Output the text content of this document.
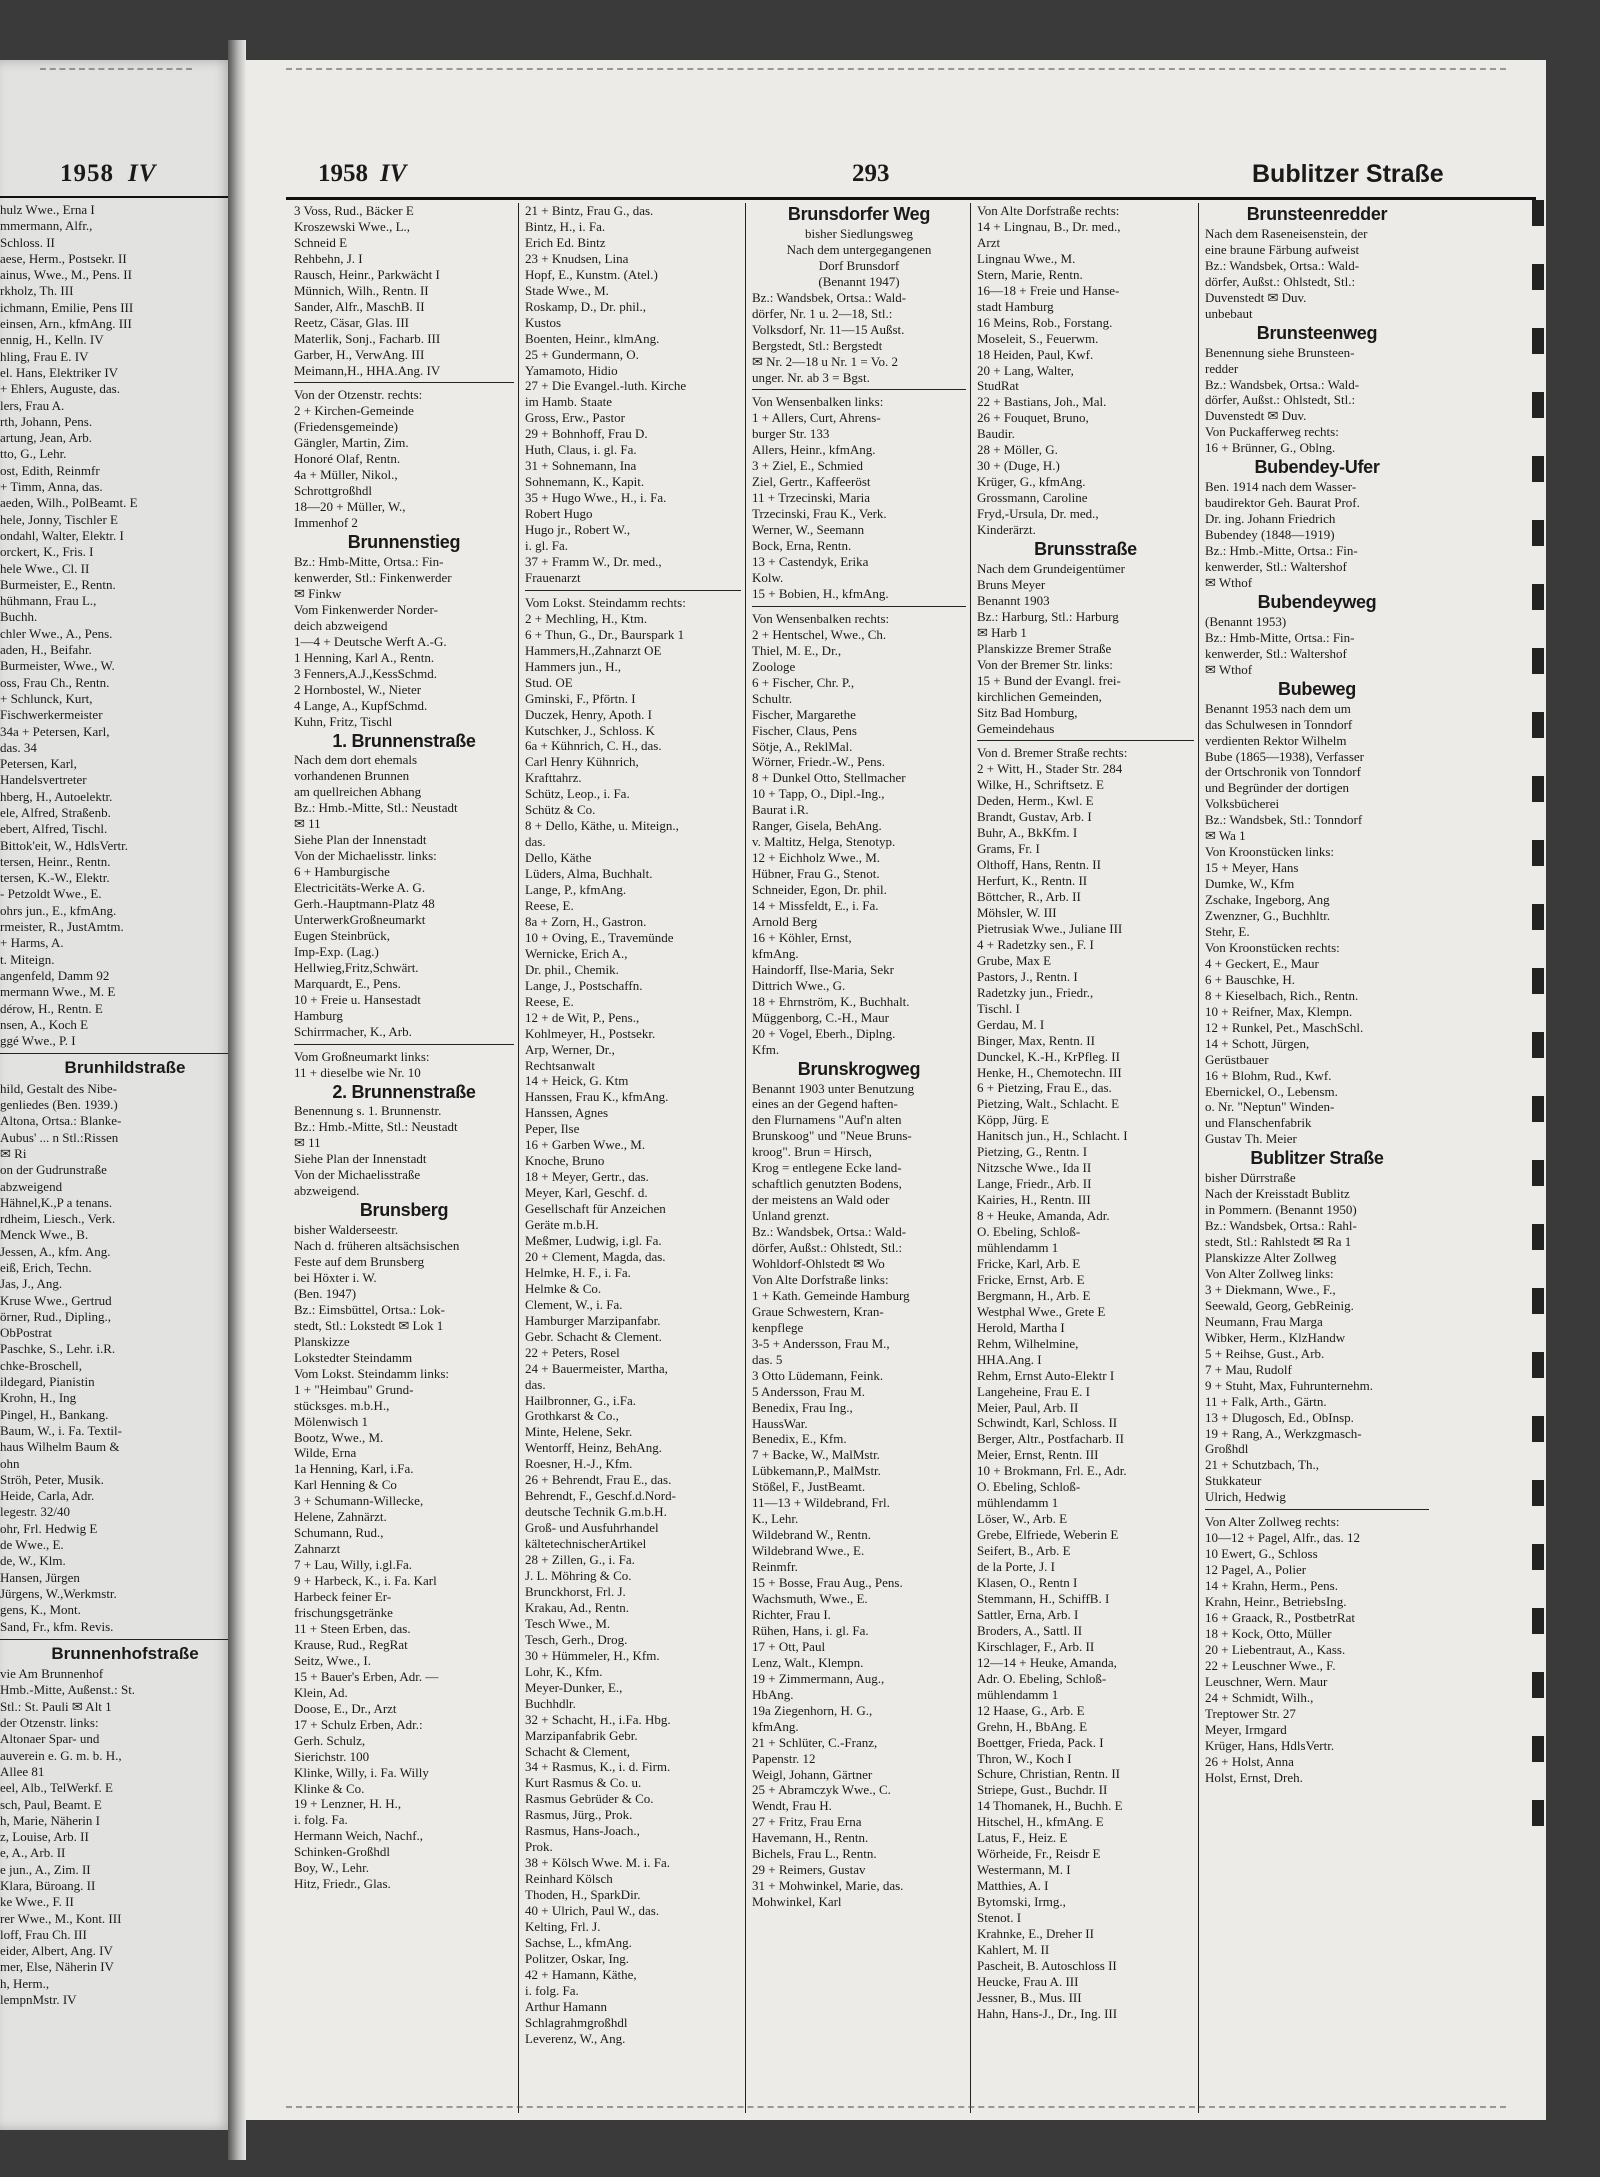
1958 IV
hulz Wwe., Erna I
mmermann, Alfr.,
Schloss. II
aese, Herm., Postsekr. II
ainus, Wwe., M., Pens. II
rkholz, Th. III
ichmann, Emilie, Pens III
einsen, Arn., kfmAng. III
ennig, H., Kelln. IV
hling, Frau E. IV
el. Hans, Elektriker IV
+ Ehlers, Auguste, das.
lers, Frau A.
rth, Johann, Pens.
artung, Jean, Arb.
tto, G., Lehr.
ost, Edith, Reinmfr
+ Timm, Anna, das.
aeden, Wilh., PolBeamt. E
hele, Jonny, Tischler E
ondahl, Walter, Elektr. I
orckert, K., Fris. I
hele Wwe., Cl. II
Burmeister, E., Rentn.
hühmann, Frau L.,
Buchh.
chler Wwe., A., Pens.
aden, H., Beifahr.
Burmeister, Wwe., W.
oss, Frau Ch., Rentn.
+ Schlunck, Kurt,
Fischwerkermeister
34a + Petersen, Karl,
das. 34
Petersen, Karl,
Handelsvertreter
hberg, H., Autoelektr.
ele, Alfred, Straßenb.
ebert, Alfred, Tischl.
Bittok'eit, W., HdlsVertr.
tersen, Heinr., Rentn.
tersen, K.-W., Elektr.
- Petzoldt Wwe., E.
ohrs jun., E., kfmAng.
rmeister, R., JustAmtm.
+ Harms, A.
t. Miteign.
angenfeld, Damm 92
mermann Wwe., M. E
dérow, H., Rentn. E
nsen, A., Koch E
ggé Wwe., P. I
Brunhildstraße
hild, Gestalt des Nibe-
genliedes (Ben. 1939.)
Altona, Ortsa.: Blanke-
Aubus' ... n Stl.:Rissen
✉ Ri
on der Gudrunstraße
abzweigend
Hähnel,K.,P a tenans.
rdheim, Liesch., Verk.
Menck Wwe., B.
Jessen, A., kfm. Ang.
eiß, Erich, Techn.
Jas, J., Ang.
Kruse Wwe., Gertrud
örner, Rud., Dipling.,
ObPostrat
Paschke, S., Lehr. i.R.
chke-Broschell,
ildegard, Pianistin
Krohn, H., Ing
Pingel, H., Bankang.
Baum, W., i. Fa. Textil-
haus Wilhelm Baum &
ohn
Ströh, Peter, Musik.
Heide, Carla, Adr.
legestr. 32/40
ohr, Frl. Hedwig E
de Wwe., E.
de, W., Klm.
Hansen, Jürgen
Jürgens, W.,Werkmstr.
gens, K., Mont.
Sand, Fr., kfm. Revis.
Brunnenhofstraße
vie Am Brunnenhof
Hmb.-Mitte, Außenst.: St.
Stl.: St. Pauli ✉ Alt 1
der Otzenstr. links:
Altonaer Spar- und
auverein e. G. m. b. H.,
Allee 81
eel, Alb., TelWerkf. E
sch, Paul, Beamt. E
h, Marie, Näherin I
z, Louise, Arb. II
e, A., Arb. II
e jun., A., Zim. II
Klara, Büroang. II
ke Wwe., F. II
rer Wwe., M., Kont. III
loff, Frau Ch. III
eider, Albert, Ang. IV
mer, Else, Näherin IV
h, Herm.,
lempnMstr. IV
1958 IV	293	Bublitzer Straße
3 Voss, Rud., Bäcker E
Kroszewski Wwe., L.,
Schneid E
Rehbehn, J. I
Rausch, Heinr., Parkwächt I
Münnich, Wilh., Rentn. II
Sander, Alfr., MaschB. II
Reetz, Cäsar, Glas. III
Materlik, Sonj., Facharb. III
Garber, H., VerwAng. III
Meimann,H., HHA.Ang. IV
Von der Otzenstr. rechts:
2 + Kirchen-Gemeinde
(Friedensgemeinde)
Gängler, Martin, Zim.
Honoré Olaf, Rentn.
4a + Müller, Nikol.,
Schrottgroßhdl
18—20 + Müller, W.,
Immenhof 2
Brunnenstieg
Bz.: Hmb-Mitte, Ortsa.: Fin-
kenwerder, Stl.: Finkenwerder
✉ Finkw
Vom Finkenwerder Norder-
deich abzweigend
1—4 + Deutsche Werft A.-G.
1 Henning, Karl A., Rentn.
3 Fenners,A.J.,KessSchmd.
2 Hornbostel, W., Nieter
4 Lange, A., KupfSchmd.
Kuhn, Fritz, Tischl
1. Brunnenstraße
Nach dem dort ehemals
vorhandenen Brunnen
am quellreichen Abhang
Bz.: Hmb.-Mitte, Stl.: Neustadt
✉ 11
Siehe Plan der Innenstadt
Von der Michaelisstr. links:
6 + Hamburgische
Electricitäts-Werke A. G.
Gerh.-Hauptmann-Platz 48
UnterwerkGroßneumarkt
Eugen Steinbrück,
Imp-Exp. (Lag.)
Hellwieg,Fritz,Schwärt.
Marquardt, E., Pens.
10 + Freie u. Hansestadt
Hamburg
Schirrmacher, K., Arb.
Vom Großneumarkt links:
11 + dieselbe wie Nr. 10
2. Brunnenstraße
Benennung s. 1. Brunnenstr.
Bz.: Hmb.-Mitte, Stl.: Neustadt
✉ 11
Siehe Plan der Innenstadt
Von der Michaelisstraße
abzweigend.
Brunsberg
bisher Walderseestr.
Nach d. früheren altsächsischen
Feste auf dem Brunsberg
bei Höxter i. W.
(Ben. 1947)
Bz.: Eimsbüttel, Ortsa.: Lok-
stedt, Stl.: Lokstedt ✉ Lok 1
Planskizze
Lokstedter Steindamm
Vom Lokst. Steindamm links:
1 + "Heimbau" Grund-
stücksges. m.b.H.,
Mölenwisch 1
Bootz, Wwe., M.
Wilde, Erna
1a Henning, Karl, i.Fa.
Karl Henning & Co
3 + Schumann-Willecke,
Helene, Zahnärzt.
Schumann, Rud.,
Zahnarzt
7 + Lau, Willy, i.gl.Fa.
9 + Harbeck, K., i. Fa. Karl
Harbeck feiner Er-
frischungsgetränke
11 + Steen Erben, das.
Krause, Rud., RegRat
Seitz, Wwe., I.
15 + Bauer's Erben, Adr. —
Klein, Ad.
Doose, E., Dr., Arzt
17 + Schulz Erben, Adr.:
Gerh. Schulz,
Sierichstr. 100
Klinke, Willy, i. Fa. Willy
Klinke & Co.
19 + Lenzner, H. H.,
i. folg. Fa.
Hermann Weich, Nachf.,
Schinken-Großhdl
Boy, W., Lehr.
Hitz, Friedr., Glas.
21 + Bintz, Frau G., das.
Bintz, H., i. Fa.
Erich Ed. Bintz
23 + Knudsen, Lina
Hopf, E., Kunstm. (Atel.)
Stade Wwe., M.
Roskamp, D., Dr. phil.,
Kustos
Boenten, Heinr., klmAng.
25 + Gundermann, O.
Yamamoto, Hidio
27 + Die Evangel.-luth. Kirche
im Hamb. Staate
Gross, Erw., Pastor
29 + Bohnhoff, Frau D.
Huth, Claus, i. gl. Fa.
31 + Sohnemann, Ina
Sohnemann, K., Kapit.
35 + Hugo Wwe., H., i. Fa.
Robert Hugo
Hugo jr., Robert W.,
i. gl. Fa.
37 + Framm W., Dr. med.,
Frauenarzt
Vom Lokst. Steindamm rechts:
2 + Mechling, H., Ktm.
6 + Thun, G., Dr., Baurspark 1
Hammers,H.,Zahnarzt OE
Hammers jun., H.,
Stud. OE
Gminski, F., Pförtn. I
Duczek, Henry, Apoth. I
Kutschker, J., Schloss. K
6a + Kühnrich, C. H., das.
Carl Henry Kühnrich,
Krafttahrz.
Schütz, Leop., i. Fa.
Schütz & Co.
8 + Dello, Käthe, u. Miteign.,
das.
Dello, Käthe
Lüders, Alma, Buchhalt.
Lange, P., kfmAng.
Reese, E.
8a + Zorn, H., Gastron.
10 + Oving, E., Travemünde
Wernicke, Erich A.,
Dr. phil., Chemik.
Lange, J., Postschaffn.
Reese, E.
12 + de Wit, P., Pens.,
Kohlmeyer, H., Postsekr.
Arp, Werner, Dr.,
Rechtsanwalt
14 + Heick, G. Ktm
Hanssen, Frau K., kfmAng.
Hanssen, Agnes
Peper, Ilse
16 + Garben Wwe., M.
Knoche, Bruno
18 + Meyer, Gertr., das.
Meyer, Karl, Geschf. d.
Gesellschaft für Anzeichen
Geräte m.b.H.
Meßmer, Ludwig, i.gl. Fa.
20 + Clement, Magda, das.
Helmke, H. F., i. Fa.
Helmke & Co.
Clement, W., i. Fa.
Hamburger Marzipanfabr.
Gebr. Schacht & Clement.
22 + Peters, Rosel
24 + Bauermeister, Martha,
das.
Hailbronner, G., i.Fa.
Grothkarst & Co.,
Minte, Helene, Sekr.
Wentorff, Heinz, BehAng.
Roesner, H.-J., Kfm.
26 + Behrendt, Frau E., das.
Behrendt, F., Geschf.d.Nord-
deutsche Technik G.m.b.H.
Groß- und Ausfuhrhandel
kältetechnischerArtikel
28 + Zillen, G., i. Fa.
J. L. Möhring & Co.
Brunckhorst, Frl. J.
Krakau, Ad., Rentn.
Tesch Wwe., M.
Tesch, Gerh., Drog.
30 + Hümmeler, H., Kfm.
Lohr, K., Kfm.
Meyer-Dunker, E.,
Buchhdlr.
32 + Schacht, H., i.Fa. Hbg.
Marzipanfabrik Gebr.
Schacht & Clement,
34 + Rasmus, K., i. d. Firm.
Kurt Rasmus & Co. u.
Rasmus Gebrüder & Co.
Rasmus, Jürg., Prok.
Rasmus, Hans-Joach.,
Prok.
38 + Kölsch Wwe. M. i. Fa.
Reinhard Kölsch
Thoden, H., SparkDir.
40 + Ulrich, Paul W., das.
Kelting, Frl. J.
Sachse, L., kfmAng.
Politzer, Oskar, Ing.
42 + Hamann, Käthe,
i. folg. Fa.
Arthur Hamann
Schlagrahmgroßhdl
Leverenz, W., Ang.
Brunsdorfer Weg
bisher Siedlungsweg
Nach dem untergegangenen
Dorf Brunsdorf
(Benannt 1947)
Bz.: Wandsbek, Ortsa.: Wald-
dörfer, Nr. 1 u. 2—18, Stl.:
Volksdorf, Nr. 11—15 Außst.
Bergstedt, Stl.: Bergstedt
✉ Nr. 2—18 u Nr. 1 = Vo. 2
unger. Nr. ab 3 = Bgst.
Von Wensenbalken links:
1 + Allers, Curt, Ahrens-
burger Str. 133
Allers, Heinr., kfmAng.
3 + Ziel, E., Schmied
Ziel, Gertr., Kaffeeröst
11 + Trzecinski, Maria
Trzecinski, Frau K., Verk.
Werner, W., Seemann
Bock, Erna, Rentn.
13 + Castendyk, Erika
Kolw.
15 + Bobien, H., kfmAng.
Von Wensenbalken rechts:
2 + Hentschel, Wwe., Ch.
Thiel, M. E., Dr.,
Zoologe
6 + Fischer, Chr. P.,
Schultr.
Fischer, Margarethe
Fischer, Claus, Pens
Sötje, A., ReklMal.
Wörner, Friedr.-W., Pens.
8 + Dunkel Otto, Stellmacher
10 + Tapp, O., Dipl.-Ing.,
Baurat i.R.
Ranger, Gisela, BehAng.
v. Maltitz, Helga, Stenotyp.
12 + Eichholz Wwe., M.
Hübner, Frau G., Stenot.
Schneider, Egon, Dr. phil.
14 + Missfeldt, E., i. Fa.
Arnold Berg
16 + Köhler, Ernst,
kfmAng.
Haindorff, Ilse-Maria, Sekr
Dittrich Wwe., G.
18 + Ehrnström, K., Buchhalt.
Müggenborg, C.-H., Maur
20 + Vogel, Eberh., Diplng.
Kfm.
Brunskrogweg
Benannt 1903 unter Benutzung
eines an der Gegend haften-
den Flurnamens "Auf'n alten
Brunskoog" und "Neue Bruns-
kroog". Brun = Hirsch,
Krog = entlegene Ecke land-
schaftlich genutzten Bodens,
der meistens an Wald oder
Unland grenzt.
Bz.: Wandsbek, Ortsa.: Wald-
dörfer, Außst.: Ohlstedt, Stl.:
Wohldorf-Ohlstedt ✉ Wo
Von Alte Dorfstraße links:
1 + Kath. Gemeinde Hamburg
Graue Schwestern, Kran-
kenpflege
3-5 + Andersson, Frau M.,
das. 5
3 Otto Lüdemann, Feink.
5 Andersson, Frau M.
Benedix, Frau Ing.,
HaussWar.
Benedix, E., Kfm.
7 + Backe, W., MalMstr.
Lübkemann,P., MalMstr.
Stößel, F., JustBeamt.
11—13 + Wildebrand, Frl.
K., Lehr.
Wildebrand W., Rentn.
Wildebrand Wwe., E.
Reinmfr.
15 + Bosse, Frau Aug., Pens.
Wachsmuth, Wwe., E.
Richter, Frau I.
Rühen, Hans, i. gl. Fa.
17 + Ott, Paul
Lenz, Walt., Klempn.
19 + Zimmermann, Aug.,
HbAng.
19a Ziegenhorn, H. G.,
kfmAng.
21 + Schlüter, C.-Franz,
Papenstr. 12
Weigl, Johann, Gärtner
25 + Abramczyk Wwe., C.
Wendt, Frau H.
27 + Fritz, Frau Erna
Havemann, H., Rentn.
Bichels, Frau L., Rentn.
29 + Reimers, Gustav
31 + Mohwinkel, Marie, das.
Mohwinkel, Karl
Von Alte Dorfstraße rechts:
14 + Lingnau, B., Dr. med.,
Arzt
Lingnau Wwe., M.
Stern, Marie, Rentn.
16—18 + Freie und Hanse-
stadt Hamburg
16 Meins, Rob., Forstang.
Moseleit, S., Feuerwm.
18 Heiden, Paul, Kwf.
20 + Lang, Walter,
StudRat
22 + Bastians, Joh., Mal.
26 + Fouquet, Bruno,
Baudir.
28 + Möller, G.
30 + (Duge, H.)
Krüger, G., kfmAng.
Grossmann, Caroline
Fryd,-Ursula, Dr. med.,
Kinderärzt.
Brunsstraße
Nach dem Grundeigentümer
Bruns Meyer
Benannt 1903
Bz.: Harburg, Stl.: Harburg
✉ Harb 1
Planskizze Bremer Straße
Von der Bremer Str. links:
15 + Bund der Evangl. frei-
kirchlichen Gemeinden,
Sitz Bad Homburg,
Gemeindehaus
Von d. Bremer Straße rechts:
2 + Witt, H., Stader Str. 284
Wilke, H., Schriftsetz. E
Deden, Herm., Kwl. E
Brandt, Gustav, Arb. I
Buhr, A., BkKfm. I
Grams, Fr. I
Olthoff, Hans, Rentn. II
Herfurt, K., Rentn. II
Böttcher, R., Arb. II
Möhsler, W. III
Pietrusiak Wwe., Juliane III
4 + Radetzky sen., F. I
Grube, Max E
Pastors, J., Rentn. I
Radetzky jun., Friedr.,
Tischl. I
Gerdau, M. I
Binger, Max, Rentn. II
Dunckel, K.-H., KrPfleg. II
Henke, H., Chemotechn. III
6 + Pietzing, Frau E., das.
Pietzing, Walt., Schlacht. E
Köpp, Jürg. E
Hanitsch jun., H., Schlacht. I
Pietzing, G., Rentn. I
Nitzsche Wwe., Ida II
Lange, Friedr., Arb. II
Kairies, H., Rentn. III
8 + Heuke, Amanda, Adr.
O. Ebeling, Schloß-
mühlendamm 1
Fricke, Karl, Arb. E
Fricke, Ernst, Arb. E
Bergmann, H., Arb. E
Westphal Wwe., Grete E
Herold, Martha I
Rehm, Wilhelmine,
HHA.Ang. I
Rehm, Ernst Auto-Elektr I
Langeheine, Frau E. I
Meier, Paul, Arb. II
Schwindt, Karl, Schloss. II
Berger, Altr., Postfacharb. II
Meier, Ernst, Rentn. III
10 + Brokmann, Frl. E., Adr.
O. Ebeling, Schloß-
mühlendamm 1
Löser, W., Arb. E
Grebe, Elfriede, Weberin E
Seifert, B., Arb. E
de la Porte, J. I
Klasen, O., Rentn I
Stemmann, H., SchiffB. I
Sattler, Erna, Arb. I
Broders, A., Sattl. II
Kirschlager, F., Arb. II
12—14 + Heuke, Amanda,
Adr. O. Ebeling, Schloß-
mühlendamm 1
12 Haase, G., Arb. E
Grehn, H., BbAng. E
Boettger, Frieda, Pack. I
Thron, W., Koch I
Schure, Christian, Rentn. II
Striepe, Gust., Buchdr. II
14 Thomanek, H., Buchh. E
Hitschel, H., kfmAng. E
Latus, F., Heiz. E
Wörheide, Fr., Reisdr E
Westermann, M. I
Matthies, A. I
Bytomski, Irmg.,
Stenot. I
Krahnke, E., Dreher II
Kahlert, M. II
Pascheit, B. Autoschloss II
Heucke, Frau A. III
Jessner, B., Mus. III
Hahn, Hans-J., Dr., Ing. III
Brunsteenredder
Nach dem Raseneisenstein, der
eine braune Färbung aufweist
Bz.: Wandsbek, Ortsa.: Wald-
dörfer, Außst.: Ohlstedt, Stl.:
Duvenstedt ✉ Duv.
unbebaut
Brunsteenweg
Benennung siehe Brunsteen-
redder
Bz.: Wandsbek, Ortsa.: Wald-
dörfer, Außst.: Ohlstedt, Stl.:
Duvenstedt ✉ Duv.
Von Puckafferweg rechts:
16 + Brünner, G., Oblng.
Bubendey-Ufer
Ben. 1914 nach dem Wasser-
baudirektor Geh. Baurat Prof.
Dr. ing. Johann Friedrich
Bubendey (1848—1919)
Bz.: Hmb.-Mitte, Ortsa.: Fin-
kenwerder, Stl.: Waltershof
✉ Wthof
Bubendeyweg
(Benannt 1953)
Bz.: Hmb-Mitte, Ortsa.: Fin-
kenwerder, Stl.: Waltershof
✉ Wthof
Bubeweg
Benannt 1953 nach dem um
das Schulwesen in Tonndorf
verdienten Rektor Wilhelm
Bube (1865—1938), Verfasser
der Ortschronik von Tonndorf
und Begründer der dortigen
Volksbücherei
Bz.: Wandsbek, Stl.: Tonndorf
✉ Wa 1
Von Kroonstücken links:
15 + Meyer, Hans
Dumke, W., Kfm
Zschake, Ingeborg, Ang
Zwenzner, G., Buchhltr.
Stehr, E.
Von Kroonstücken rechts:
4 + Geckert, E., Maur
6 + Bauschke, H.
8 + Kieselbach, Rich., Rentn.
10 + Reifner, Max, Klempn.
12 + Runkel, Pet., MaschSchl.
14 + Schott, Jürgen,
Gerüstbauer
16 + Blohm, Rud., Kwf.
Ebernickel, O., Lebensm.
o. Nr. "Neptun" Winden-
und Flanschenfabrik
Gustav Th. Meier
Bublitzer Straße
bisher Dürrstraße
Nach der Kreisstadt Bublitz
in Pommern. (Benannt 1950)
Bz.: Wandsbek, Ortsa.: Rahl-
stedt, Stl.: Rahlstedt ✉ Ra 1
Planskizze Alter Zollweg
Von Alter Zollweg links:
3 + Diekmann, Wwe., F.,
Seewald, Georg, GebReinig.
Neumann, Frau Marga
Wibker, Herm., KlzHandw
5 + Reihse, Gust., Arb.
7 + Mau, Rudolf
9 + Stuht, Max, Fuhrunternehm.
11 + Falk, Arth., Gärtn.
13 + Dlugosch, Ed., ObInsp.
19 + Rang, A., Werkzgmasch-
Großhdl
21 + Schutzbach, Th.,
Stukkateur
Ulrich, Hedwig
Von Alter Zollweg rechts:
10—12 + Pagel, Alfr., das. 12
10 Ewert, G., Schloss
12 Pagel, A., Polier
14 + Krahn, Herm., Pens.
Krahn, Heinr., BetriebsIng.
16 + Graack, R., PostbetrRat
18 + Kock, Otto, Müller
20 + Liebentraut, A., Kass.
22 + Leuschner Wwe., F.
Leuschner, Wern. Maur
24 + Schmidt, Wilh.,
Treptower Str. 27
Meyer, Irmgard
Krüger, Hans, HdlsVertr.
26 + Holst, Anna
Holst, Ernst, Dreh.
